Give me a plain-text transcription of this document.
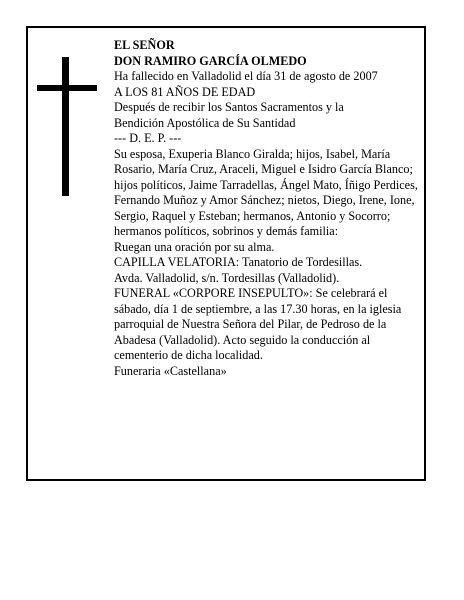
EL SEÑOR
DON RAMIRO GARCÍA OLMEDO
Ha fallecido en Valladolid el día 31 de agosto de 2007
A LOS 81 AÑOS DE EDAD
Después de recibir los Santos Sacramentos y la
Bendición Apostólica de Su Santidad
--- D. E. P. ---
Su esposa, Exuperia Blanco Giralda; hijos, Isabel, María Rosario, María Cruz, Araceli, Miguel e Isidro García Blanco; hijos políticos, Jaime Tarradellas, Ángel Mato, Íñigo Perdices, Fernando Muñoz y Amor Sánchez; nietos, Diego, Irene, Ione, Sergio, Raquel y Esteban; hermanos, Antonio y Socorro; hermanos políticos, sobrinos y demás familia:
Ruegan una oración por su alma.
CAPILLA VELATORIA: Tanatorio de Tordesillas.
Avda. Valladolid, s/n. Tordesillas (Valladolid).
FUNERAL «CORPORE INSEPULTO»: Se celebrará el sábado, día 1 de septiembre, a las 17.30 horas, en la iglesia parroquial de Nuestra Señora del Pilar, de Pedroso de la Abadesa (Valladolid). Acto seguido la conducción al cementerio de dicha localidad.
Funeraria «Castellana»
